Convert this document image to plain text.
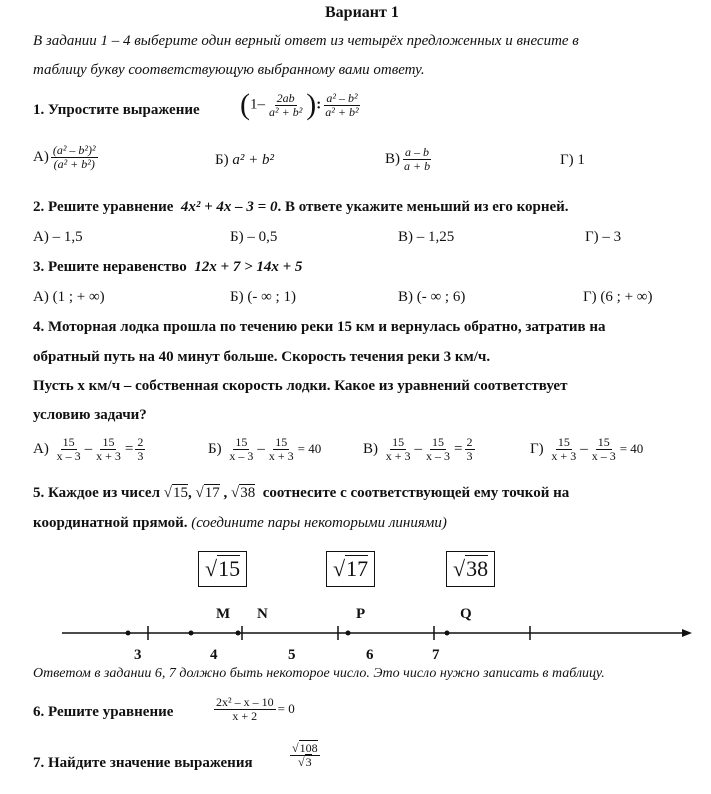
Вариант 1
В задании 1 – 4 выберите один верный ответ из четырёх предложенных и внесите в
таблицу букву соответствующую выбранному вами ответу.
1. Упростите выражение ($1- \frac{2ab}{\text{a² + b²}}$ ): $\frac{\text{a² – b²}}{\text{a² + b²}}$
$А) \frac{\text{(a² – b²)²}}{\text{(a² + b²)}}$	Б) a² + b²	$В) \frac{a - b}{a + b}$	Г) 1
2. Решите уравнение 4x² + 4x – 3 = 0. В ответе укажите меньший из его корней.
А) – 1,5	Б) – 0,5	В) – 1,25	Г) – 3
3. Решите неравенство 12x + 7 > 14x + 5
А) (1 ; + ∞)	Б) (- ∞ ; 1)	В) (- ∞ ; 6)	Г) (6 ; + ∞)
4. Моторная лодка прошла по течению реки 15 км и вернулась обратно, затратив на
обратный путь на 40 минут больше. Скорость течения реки 3 км/ч.
Пусть х км/ч – собственная скорость лодки. Какое из уравнений соответствует
условию задачи?
$А) \frac{15}{x - 3} - \frac{15}{x + 3} = \frac{2}{3}$	$Б) \frac{15}{x - 3} - \frac{15}{x + 3} = 40$	$В) \frac{15}{x + 3} - \frac{15}{x - 3} = \frac{2}{3}$	$Г) \frac{15}{x + 3} - \frac{15}{x - 3} = 40$
5. Каждое из чисел √15, √17 , √38 соотнесите с соответствующей ему точкой на
координатной прямой. (соедините пары некоторыми линиями)
√15	√17	√38
M N	P	Q
3	4	5	6	7
Ответом в задании 6, 7 должно быть некоторое число. Это число нужно записать в таблицу.
6. Решите уравнение	$\frac{\text{2x² – x – 10}}{x + 2} = 0$
7. Найдите значение выражения	$\frac{√108}{√3}$
